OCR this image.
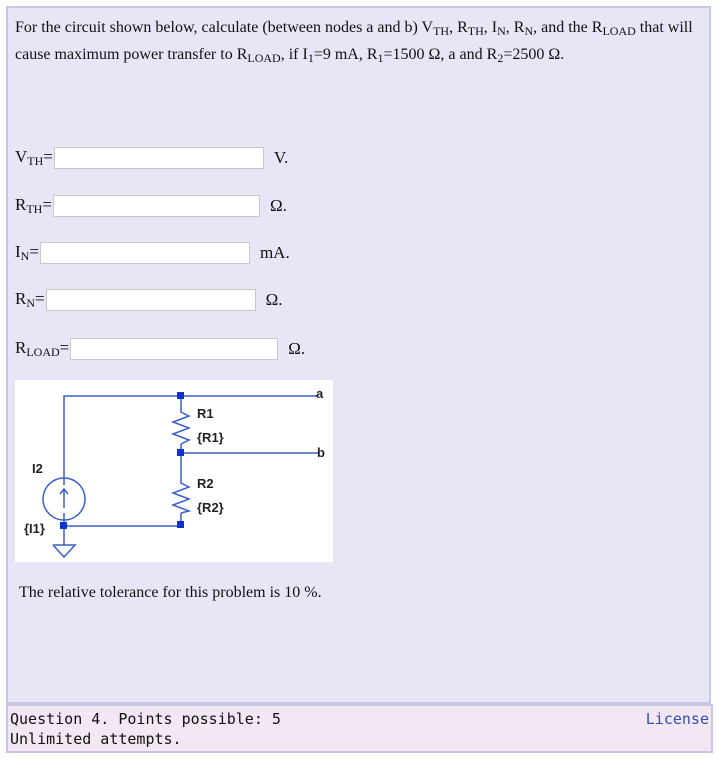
For the circuit shown below, calculate (between nodes a and b) $V_{TH}$, $R_{TH}$, $I_N$, $R_N$, and the $R_{LOAD}$ that will cause maximum power transfer to $R_{LOAD}$, if $I_1=9$ mA, $R_1=1500$ Ω, a and $R_2=2500$ Ω.
$V_{TH}=$	V.
$R_{TH}=$	Ω.
$I_N=$	mA.
$R_N=$	Ω.
$R_{LOAD}=$	Ω.
a
b
R1
{R1}
R2
{R2}
I2
{I1}
The relative tolerance for this problem is 10 %.
Question 4. Points possible: 5
Unlimited attempts.
License
